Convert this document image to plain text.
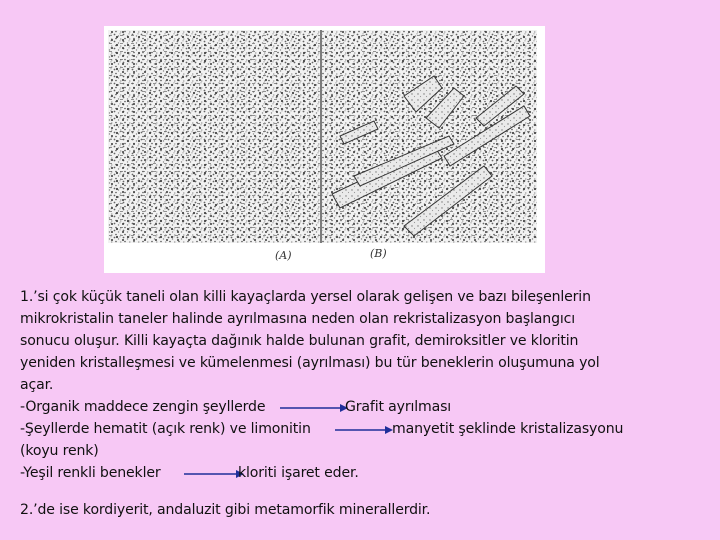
(A)	(B)
1.’si çok küçük taneli olan killi kayaçlarda yersel olarak gelişen ve bazı bileşenlerin
mikrokristalin taneler halinde ayrılmasına neden olan rekristalizasyon başlangıcı
sonucu oluşur. Killi kayaçta dağınık halde bulunan grafit, demiroksitler ve kloritin
yeniden kristalleşmesi ve kümelenmesi (ayrılması) bu tür beneklerin oluşumuna yol
açar.
-Organik maddece zengin şeyllerde	Grafit ayrılması
-Şeyllerde hematit (açık renk) ve limonitin	manyetit şeklinde kristalizasyonu
(koyu renk)
-Yeşil renkli benekler	kloriti işaret eder.
2.’de ise kordiyerit, andaluzit gibi metamorfik minerallerdir.
